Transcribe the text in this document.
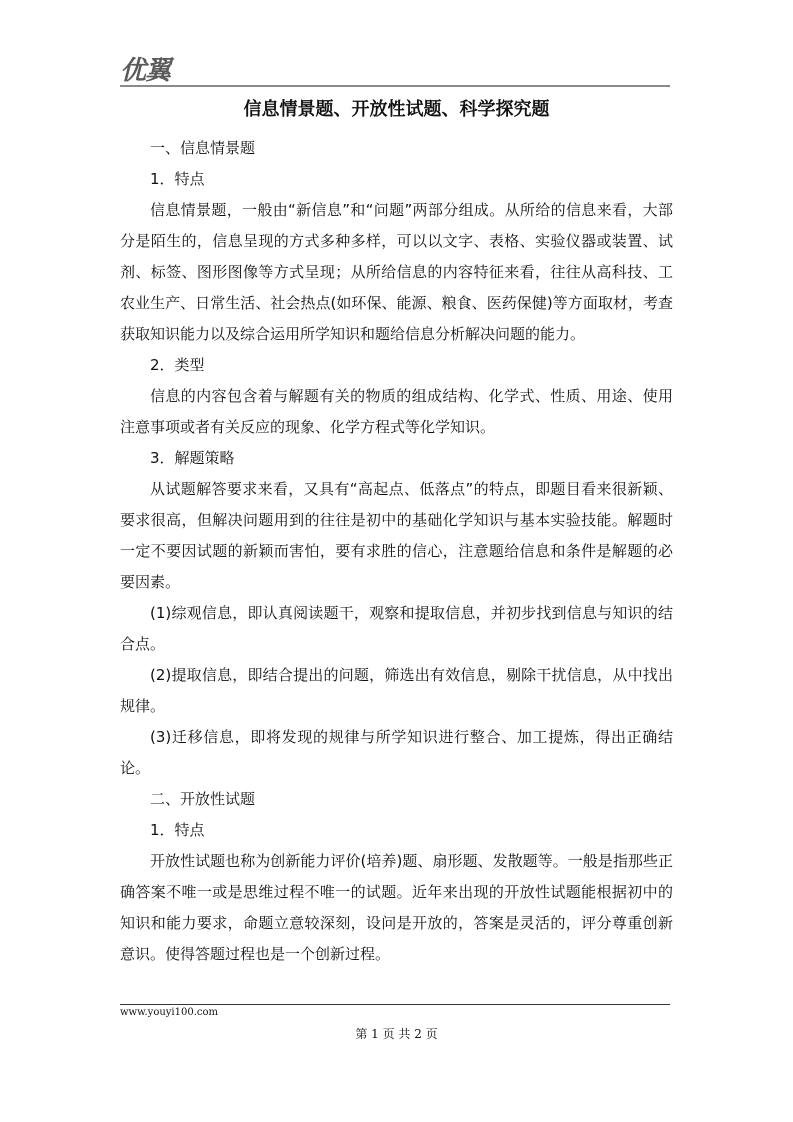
优翼
信息情景题、开放性试题、科学探究题

一、信息情景题

1．特点

信息情景题，一般由“新信息”和“问题”两部分组成。从所给的信息来看，大部分是陌生的，信息呈现的方式多种多样，可以以文字、表格、实验仪器或装置、试剂、标签、图形图像等方式呈现；从所给信息的内容特征来看，往往从高科技、工农业生产、日常生活、社会热点(如环保、能源、粮食、医药保健)等方面取材，考查获取知识能力以及综合运用所学知识和题给信息分析解决问题的能力。

2．类型

信息的内容包含着与解题有关的物质的组成结构、化学式、性质、用途、使用注意事项或者有关反应的现象、化学方程式等化学知识。

3．解题策略

从试题解答要求来看，又具有“高起点、低落点”的特点，即题目看来很新颖、要求很高，但解决问题用到的往往是初中的基础化学知识与基本实验技能。解题时一定不要因试题的新颖而害怕，要有求胜的信心，注意题给信息和条件是解题的必要因素。

(1)综观信息，即认真阅读题干，观察和提取信息，并初步找到信息与知识的结合点。

(2)提取信息，即结合提出的问题，筛选出有效信息，剔除干扰信息，从中找出规律。

(3)迁移信息，即将发现的规律与所学知识进行整合、加工提炼，得出正确结论。

二、开放性试题

1．特点

开放性试题也称为创新能力评价(培养)题、扇形题、发散题等。一般是指那些正确答案不唯一或是思维过程不唯一的试题。近年来出现的开放性试题能根据初中的知识和能力要求，命题立意较深刻，设问是开放的，答案是灵活的，评分尊重创新意识。使得答题过程也是一个创新过程。

www.youyi100.com
第 1 页 共 2 页
